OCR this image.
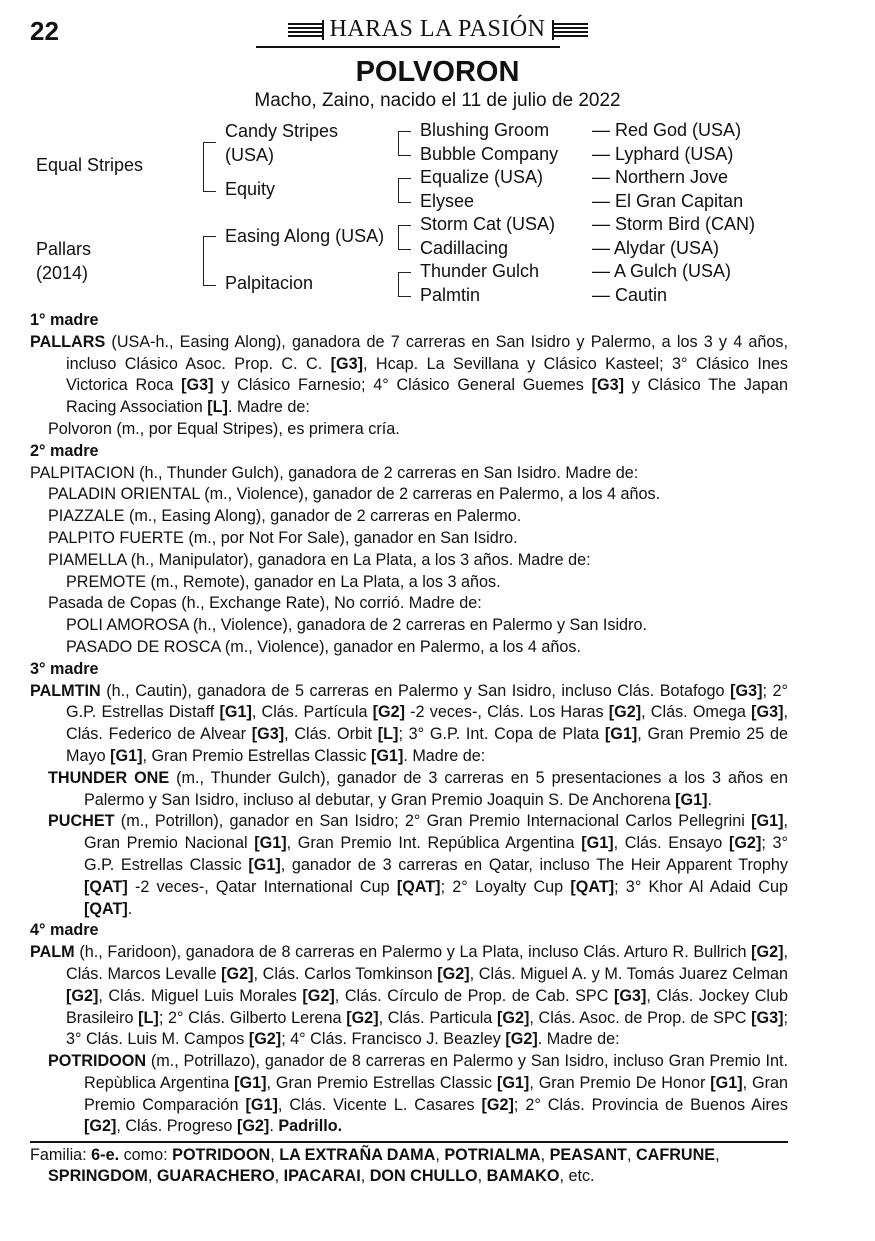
22	HARAS LA PASIÓN
POLVORON
Macho, Zaino, nacido el 11 de julio de 2022
Equal Stripes
Pallars
(2014)
Candy Stripes
(USA)
Equity
Easing Along (USA)
Palpitacion
Blushing Groom
Bubble Company
Equalize (USA)
Elysee
Storm Cat (USA)
Cadillacing
Thunder Gulch
Palmtin
— Red God (USA)
— Lyphard (USA)
— Northern Jove
— El Gran Capitan
— Storm Bird (CAN)
— Alydar (USA)
— A Gulch (USA)
— Cautin

1° madre

PALLARS (USA-h., Easing Along), ganadora de 7 carreras en San Isidro y Palermo, a los 3 y 4 años, incluso Clásico Asoc. Prop. C. C. [G3], Hcap. La Sevillana y Clásico Kasteel; 3° Clásico Ines Victorica Roca [G3] y Clásico Farnesio; 4° Clásico General Guemes [G3] y Clásico The Japan Racing Association [L]. Madre de:

Polvoron (m., por Equal Stripes), es primera cría.

2° madre

PALPITACION (h., Thunder Gulch), ganadora de 2 carreras en San Isidro. Madre de:

PALADIN ORIENTAL (m., Violence), ganador de 2 carreras en Palermo, a los 4 años.

PIAZZALE (m., Easing Along), ganador de 2 carreras en Palermo.

PALPITO FUERTE (m., por Not For Sale), ganador en San Isidro.

PIAMELLA (h., Manipulator), ganadora en La Plata, a los 3 años. Madre de:

PREMOTE (m., Remote), ganador en La Plata, a los 3 años.

Pasada de Copas (h., Exchange Rate), No corrió. Madre de:

POLI AMOROSA (h., Violence), ganadora de 2 carreras en Palermo y San Isidro.

PASADO DE ROSCA (m., Violence), ganador en Palermo, a los 4 años.

3° madre

PALMTIN (h., Cautin), ganadora de 5 carreras en Palermo y San Isidro, incluso Clás. Botafogo [G3]; 2° G.P. Estrellas Distaff [G1], Clás. Partícula [G2] -2 veces-, Clás. Los Haras [G2], Clás. Omega [G3], Clás. Federico de Alvear [G3], Clás. Orbit [L]; 3° G.P. Int. Copa de Plata [G1], Gran Premio 25 de Mayo [G1], Gran Premio Estrellas Classic [G1]. Madre de:

THUNDER ONE (m., Thunder Gulch), ganador de 3 carreras en 5 presentaciones a los 3 años en Palermo y San Isidro, incluso al debutar, y Gran Premio Joaquin S. De Anchorena [G1].

PUCHET (m., Potrillon), ganador en San Isidro; 2° Gran Premio Internacional Carlos Pellegrini [G1], Gran Premio Nacional [G1], Gran Premio Int. República Argentina [G1], Clás. Ensayo [G2]; 3° G.P. Estrellas Classic [G1], ganador de 3 carreras en Qatar, incluso The Heir Apparent Trophy [QAT] -2 veces-, Qatar International Cup [QAT]; 2° Loyalty Cup [QAT]; 3° Khor Al Adaid Cup [QAT].

4° madre

PALM (h., Faridoon), ganadora de 8 carreras en Palermo y La Plata, incluso Clás. Arturo R. Bullrich [G2], Clás. Marcos Levalle [G2], Clás. Carlos Tomkinson [G2], Clás. Miguel A. y M. Tomás Juarez Celman [G2], Clás. Miguel Luis Morales [G2], Clás. Círculo de Prop. de Cab. SPC [G3], Clás. Jockey Club Brasileiro [L]; 2° Clás. Gilberto Lerena [G2], Clás. Particula [G2], Clás. Asoc. de Prop. de SPC [G3]; 3° Clás. Luis M. Campos [G2]; 4° Clás. Francisco J. Beazley [G2]. Madre de:

POTRIDOON (m., Potrillazo), ganador de 8 carreras en Palermo y San Isidro, incluso Gran Premio Int. Repùblica Argentina [G1], Gran Premio Estrellas Classic [G1], Gran Premio De Honor [G1], Gran Premio Comparación [G1], Clás. Vicente L. Casares [G2]; 2° Clás. Provincia de Buenos Aires [G2], Clás. Progreso [G2]. Padrillo.

Familia: 6-e. como: POTRIDOON, LA EXTRAÑA DAMA, POTRIALMA, PEASANT, CAFRUNE, SPRINGDOM, GUARACHERO, IPACARAI, DON CHULLO, BAMAKO, etc.
